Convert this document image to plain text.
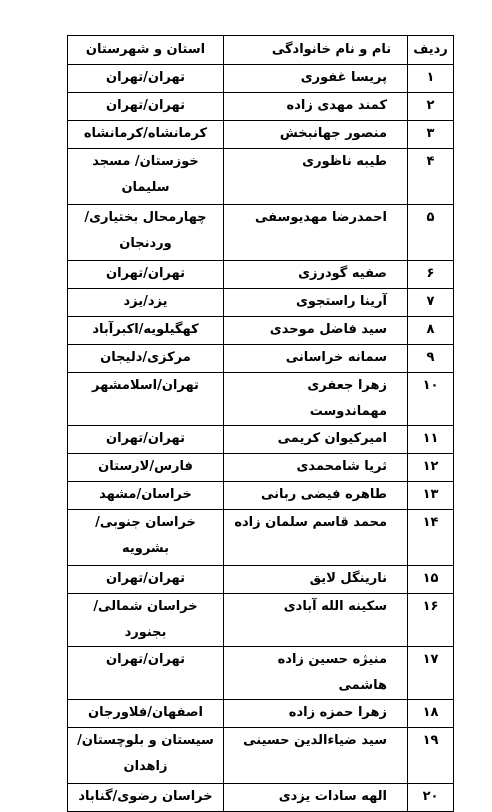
ردیف	نام و نام خانوادگی	استان و شهرستان
۱	پریسا غفوری	تهران/تهران
۲	کمند مهدی زاده	تهران/تهران
۳	منصور جهانبخش	کرمانشاه/کرمانشاه
۴	طیبه ناظوری	خوزستان/ مسجد سلیمان
۵	احمدرضا مهدیوسفی	چهارمحال بختیاری/وردنجان
۶	صفیه گودرزی	تهران/تهران
۷	آرینا راستجوی	یزد/یزد
۸	سید فاضل موحدی	کهگیلویه/اکبرآباد
۹	سمانه خراسانی	مرکزی/دلیجان
۱۰	زهرا جعفری مهماندوست	تهران/اسلامشهر
۱۱	امیرکیوان کریمی	تهران/تهران
۱۲	ثریا شامحمدی	فارس/لارستان
۱۳	طاهره فیضی ربانی	خراسان/مشهد
۱۴	محمد قاسم سلمان زاده	خراسان جنوبی/بشرویه
۱۵	نارینگل لایق	تهران/تهران
۱۶	سکینه الله آبادی	خراسان شمالی/بجنورد
۱۷	منیژه حسین زاده هاشمی	تهران/تهران
۱۸	زهرا حمزه زاده	اصفهان/فلاورجان
۱۹	سید ضیاءالدین حسینی	سیستان و بلوچستان/زاهدان
۲۰	الهه سادات یزدی	خراسان رضوی/گناباد
